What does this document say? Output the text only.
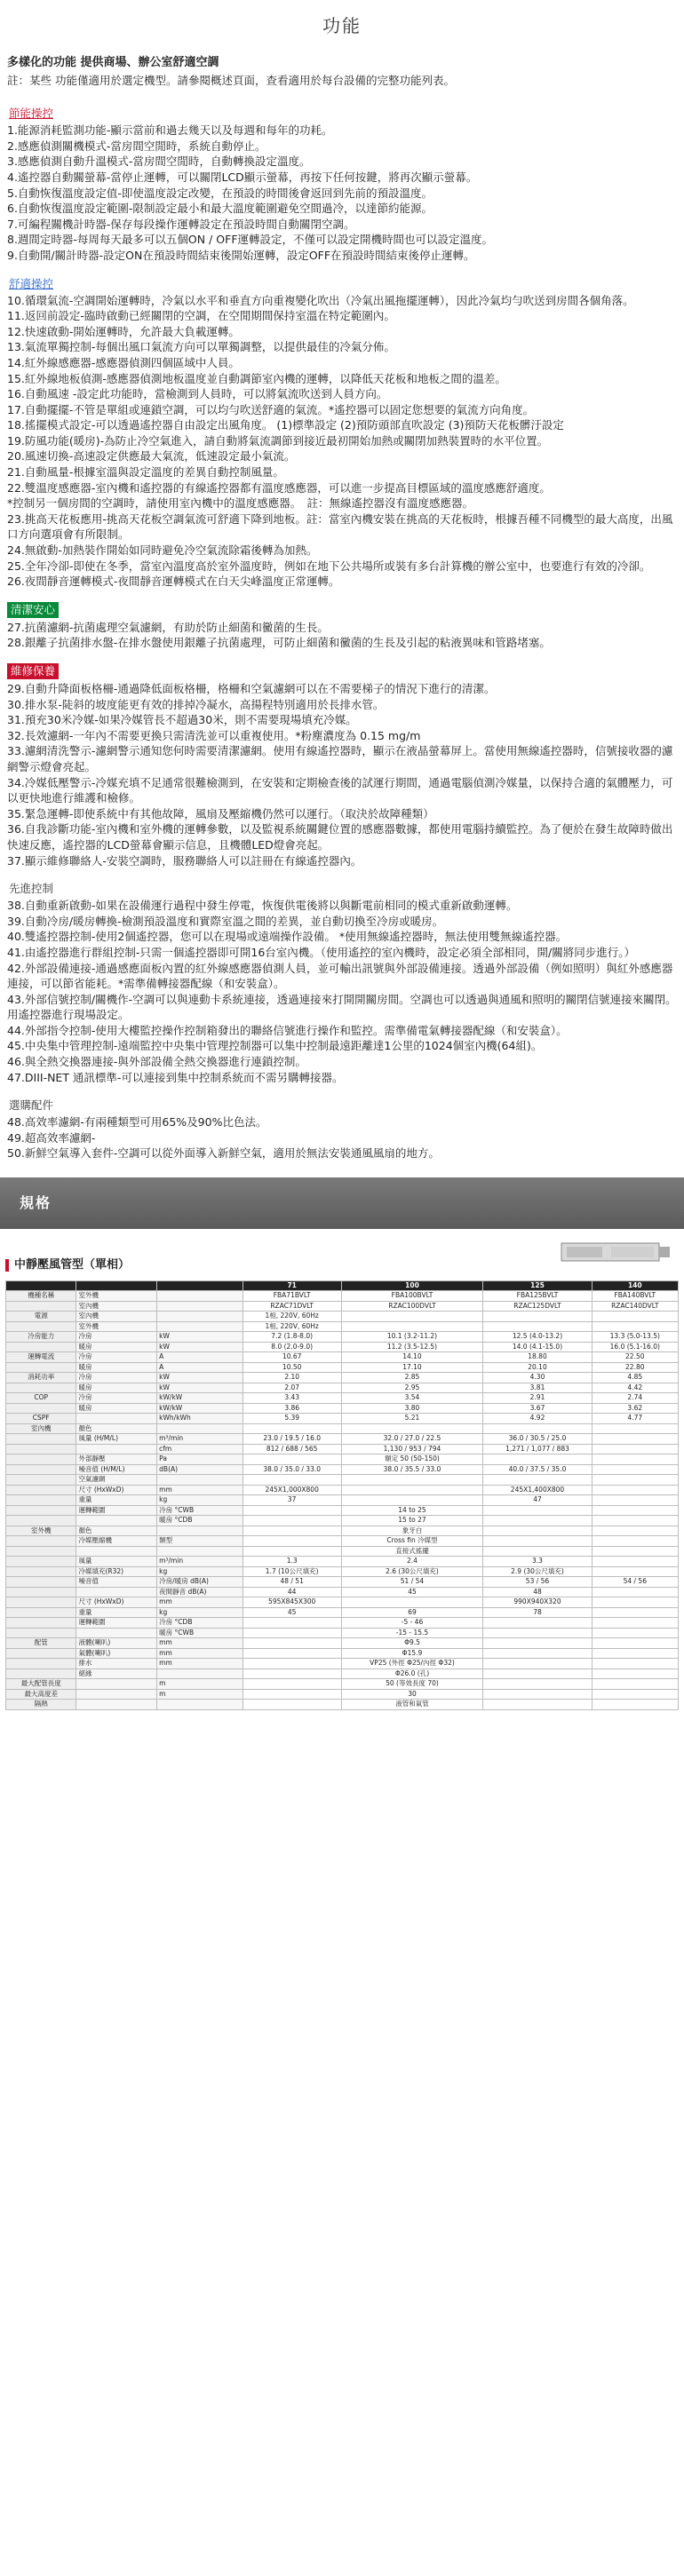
功能
多樣化的功能 提供商場、辦公室舒適空調

註：某些 功能僅適用於選定機型。請參閱概述頁面，查看適用於每台設備的完整功能列表。

節能操控
1.能源消耗監測功能-顯示當前和過去幾天以及每週和每年的功耗。
2.感應偵測關機模式-當房間空閒時，系統自動停止。
3.感應偵測自動升溫模式-當房間空閒時，自動轉換設定溫度。
4.遙控器自動關螢幕-當停止運轉，可以關閉LCD顯示螢幕，再按下任何按鍵，將再次顯示螢幕。
5.自動恢復溫度設定值-即使溫度設定改變，在預設的時間後會返回到先前的預設溫度。
6.自動恢復溫度設定範圍-限制設定最小和最大溫度範圍避免空間過冷，以達節約能源。
7.可編程關機計時器-保存每段操作運轉設定在預設時間自動關閉空調。
8.週間定時器-每周每天最多可以五個ON / OFF運轉設定，不僅可以設定開機時間也可以設定溫度。
9.自動開/關計時器-設定ON在預設時間結束後開始運轉，設定OFF在預設時間結束後停止運轉。
舒適操控
10.循環氣流-空調開始運轉時，冷氣以水平和垂直方向重複變化吹出（冷氣出風拖擺運轉），因此冷氣均勻吹送到房間各個角落。
11.返回前設定-臨時啟動已經關閉的空調，在空閒期間保持室溫在特定範圍內。
12.快速啟動-開始運轉時，允許最大負載運轉。
13.氣流單獨控制-每個出風口氣流方向可以單獨調整，以提供最佳的冷氣分佈。
14.紅外線感應器-感應器偵測四個區域中人員。
15.紅外線地板偵測-感應器偵測地板溫度並自動調節室內機的運轉，以降低天花板和地板之間的溫差。
16.自動風速 -設定此功能時，當檢測到人員時，可以將氣流吹送到人員方向。
17.自動擺擺-不管是單組或連鎖空調，可以均勻吹送舒適的氣流。*遙控器可以固定您想要的氣流方向角度。
18.搖擺模式設定-可以透過遙控器自由設定出風角度。 (1)標準設定 (2)預防頭部直吹設定 (3)預防天花板髒汙設定
19.防風功能(暖房)-為防止冷空氣進入，請自動將氣流調節到接近最初開始加熱或關閉加熱裝置時的水平位置。
20.風速切換-高速設定供應最大氣流，低速設定最小氣流。
21.自動風量-根據室溫與設定溫度的差異自動控制風量。
22.雙溫度感應器-室內機和遙控器的有線遙控器都有溫度感應器，可以進一步提高目標區域的溫度感應舒適度。
*控制另一個房間的空調時，請使用室內機中的溫度感應器。　註：無線遙控器沒有溫度感應器。
23.挑高天花板應用-挑高天花板空調氣流可舒適下降到地板。註：當室內機安裝在挑高的天花板時，根據吾種不同機型的最大高度，出風口方向選項會有所限制。
24.無啟動-加熱裝作開始如同時避免冷空氣流除霜後轉為加熱。
25.全年冷卻-即使在冬季，當室內溫度高於室外溫度時，例如在地下公共場所或裝有多台計算機的辦公室中，也要進行有效的冷卻。
26.夜間靜音運轉模式-夜間靜音運轉模式在白天尖峰溫度正常運轉。
清潔安心
27.抗菌濾網-抗菌處理空氣濾網，有助於防止細菌和黴菌的生長。
28.銀離子抗菌排水盤-在排水盤使用銀離子抗菌處理，可防止細菌和黴菌的生長及引起的粘液異味和管路堵塞。
維修保養
29.自動升降面板格柵-通過降低面板格柵，格柵和空氣濾網可以在不需要梯子的情況下進行的清潔。
30.排水泵-陡斜的坡度能更有效的排掉冷凝水，高揚程特別適用於長排水管。
31.預充30米冷媒-如果冷媒管長不超過30米，則不需要現場填充冷媒。
32.長效濾網-一年內不需要更換只需清洗並可以重複使用。*粉塵濃度為 0.15 mg/m
33.濾網清洗警示-濾網警示通知您何時需要清潔濾網。使用有線遙控器時，顯示在液晶螢幕屏上。當使用無線遙控器時，信號接收器的濾網警示燈會亮起。
34.冷媒低壓警示-冷媒充填不足通常很難檢測到，在安裝和定期檢查後的試運行期間，通過電腦偵測冷媒量，以保持合適的氣體壓力，可以更快地進行維護和檢修。
35.緊急運轉-即使系統中有其他故障，風扇及壓縮機仍然可以運行。（取決於故障種類）
36.自我診斷功能-室內機和室外機的運轉參數，以及監視系統關鍵位置的感應器數據，都使用電腦持續監控。為了便於在發生故障時做出快速反應，遙控器的LCD螢幕會顯示信息，且機體LED燈會亮起。
37.顯示維修聯絡人-安裝空調時，服務聯絡人可以註冊在有線遙控器內。
先進控制
38.自動重新啟動-如果在設備運行過程中發生停電，恢復供電後將以與斷電前相同的模式重新啟動運轉。
39.自動冷房/暖房轉換-檢測預設溫度和實際室溫之間的差異，並自動切換至冷房或暖房。
40.雙遙控器控制-使用2個遙控器，您可以在現場或遠端操作設備。 *使用無線遙控器時，無法使用雙無線遙控器。
41.由遙控器進行群組控制-只需一個遙控器即可開16台室內機。（使用遙控的室內機時，設定必須全部相同，開/關將同步進行。）
42.外部設備連接-通過感應面板內置的紅外線感應器偵測人員，並可輸出訊號與外部設備連接。透過外部設備（例如照明）與紅外感應器連接，可以節省能耗。*需準備轉接器配線（和安裝盒）。
43.外部信號控制/關機作-空調可以與連動卡系統連接，透過連接來打開開關房間。空調也可以透過與通風和照明的關閉信號連接來關閉。用遙控器進行現場設定。
44.外部指令控制-使用大樓監控操作控制箱發出的聯絡信號進行操作和監控。需準備電氣轉接器配線（和安裝盒）。
45.中央集中管理控制-遠端監控中央集中管理控制器可以集中控制最遠距離達1公里的1024個室內機(64組)。
46.與全熱交換器連接-與外部設備全熱交換器進行連鎖控制。
47.DIII-NET 通訊標準-可以連接到集中控制系統而不需另購轉接器。
選購配件
48.高效率濾網-有兩種類型可用65%及90%比色法。
49.超高效率濾網-
50.新鮮空氣導入套件-空調可以從外面導入新鮮空氣，適用於無法安裝通風風扇的地方。
規格
中靜壓風管型（單相）
			71	100	125	140
機種名稱	室外機		FBA71BVLT	FBA100BVLT	FBA125BVLT	FBA140BVLT
	室內機		RZAC71DVLT	RZAC100DVLT	RZAC125DVLT	RZAC140DVLT
電源	室內機		1相, 220V, 60Hz			
	室外機		1相, 220V, 60Hz			
冷房能力	冷房	kW	7.2 (1.8-8.0)	10.1 (3.2-11.2)	12.5 (4.0-13.2)	13.3 (5.0-13.5)
	暖房	kW	8.0 (2.0-9.0)	11.2 (3.5-12.5)	14.0 (4.1-15.0)	16.0 (5.1-16.0)
運轉電流	冷房	A	10.67	14.10	18.80	22.50
	暖房	A	10.50	17.10	20.10	22.80
消耗功率	冷房	kW	2.10	2.85	4.30	4.85
	暖房	kW	2.07	2.95	3.81	4.42
COP	冷房	kW/kW	3.43	3.54	2.91	2.74
	暖房	kW/kW	3.86	3.80	3.67	3.62
CSPF		kWh/kWh	5.39	5.21	4.92	4.77
室內機	顏色					
	風量 (H/M/L)	m³/min	23.0 / 19.5 / 16.0	32.0 / 27.0 / 22.5	36.0 / 30.5 / 25.0	
		cfm	812 / 688 / 565	1,130 / 953 / 794	1,271 / 1,077 / 883	
	外部靜壓	Pa		額定 50 (50-150)		
	噪音值 (H/M/L)	dB(A)	38.0 / 35.0 / 33.0	38.0 / 35.5 / 33.0	40.0 / 37.5 / 35.0	
	空氣濾網					
	尺寸 (HxWxD)	mm	245X1,000X800		245X1,400X800	
	重量	kg	37		47	
	運轉範圍	冷房 °CWB		14 to 25		
		暖房 °CDB		15 to 27		
室外機	顏色			象牙白		
	冷媒壓縮機	類型		Cross fin 冷媒型		
				直接式搖擺		
	風量	m³/min	1.3	2.4	3.3	
	冷媒填充(R32)	kg	1.7 (10公尺填充)	2.6 (30公尺填充)	2.9 (30公尺填充)	
	噪音值	冷房/暖房 dB(A)	48 / 51	51 / 54	53 / 56	54 / 56
		夜間靜音 dB(A)	44	45	48	
	尺寸 (HxWxD)	mm	595X845X300		990X940X320	
	重量	kg	45	69	78	
	運轉範圍	冷房 °CDB		-5 - 46		
		暖房 °CWB		-15 - 15.5		
配管	液體(喇叭)	mm		Φ9.5		
	氣體(喇叭)	mm		Φ15.9		
	排水	mm		VP25 (外徑 Φ25/內徑 Φ32)		
	絕緣			Φ26.0 (孔)		
最大配管長度		m		50 (等效長度 70)		
最大高度差		m		30		
隔熱				液管和氣管		
